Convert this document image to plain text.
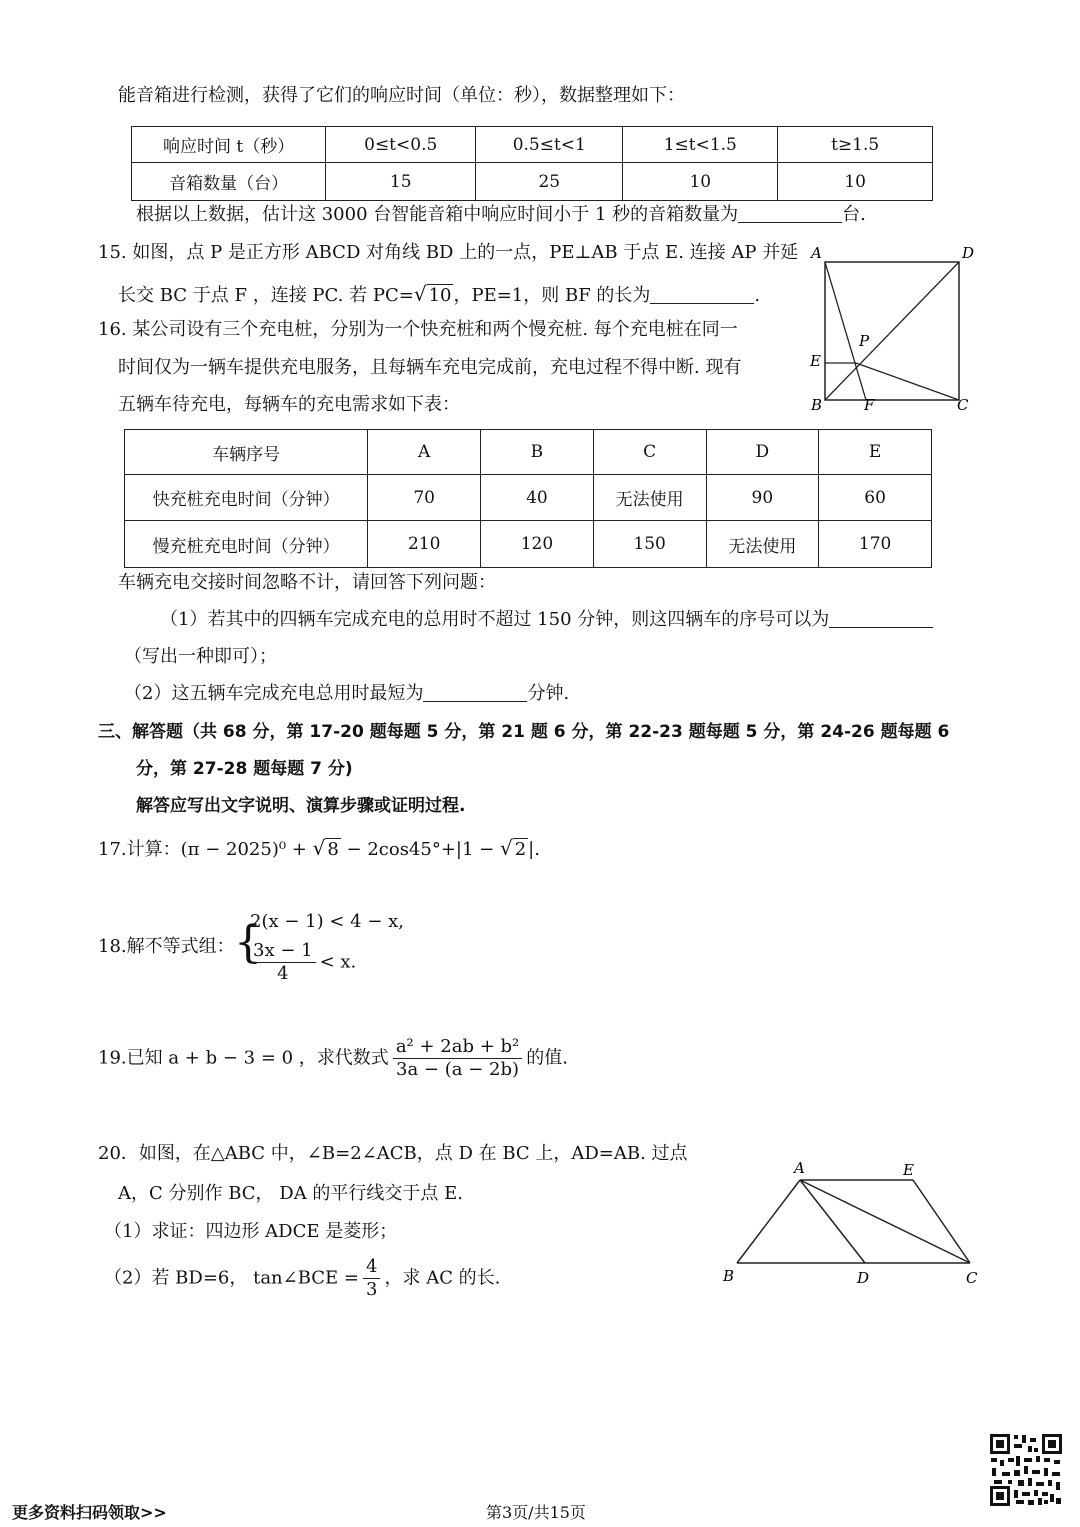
能音箱进行检测，获得了它们的响应时间（单位：秒），数据整理如下：
响应时间 t（秒）	0≤t<0.5	0.5≤t<1	1≤t<1.5	t≥1.5
音箱数量（台）	15	25	10	10
根据以上数据，估计这 3000 台智能音箱中响应时间小于 1 秒的音箱数量为	台.
15. 如图，点 P 是正方形 ABCD 对角线 BD 上的一点，PE⊥AB 于点 E. 连接 AP 并延
长交 BC 于点 F ，连接 PC. 若 PC=√ 10 ，PE=1，则 BF 的长为	.
A	D
P
E
B	F	C
16. 某公司设有三个充电桩，分别为一个快充桩和两个慢充桩. 每个充电桩在同一
时间仅为一辆车提供充电服务，且每辆车充电完成前，充电过程不得中断. 现有
五辆车待充电，每辆车的充电需求如下表：
车辆序号	A	B	C	D	E
快充桩充电时间（分钟）	70	40	无法使用	90	60
慢充桩充电时间（分钟）	210	120	150	无法使用	170
车辆充电交接时间忽略不计，请回答下列问题：
（1）若其中的四辆车完成充电的总用时不超过 150 分钟，则这四辆车的序号可以为
（写出一种即可）；
（2）这五辆车完成充电总用时最短为	分钟.
三、解答题（共 68 分，第 17-20 题每题 5 分，第 21 题 6 分，第 22-23 题每题 5 分，第 24-26 题每题 6
分，第 27-28 题每题 7 分)
解答应写出文字说明、演算步骤或证明过程.
17.计算：(π − 2025)⁰ + √ 8 − 2cos45°+|1 − √ 2 |.
18.解不等式组： {
2(x − 1) < 4 − x,
$\frac{3x - 1}{4} < x$.
19.已知 a + b − 3 = 0 ，求代数式 $\frac{\text{a² + 2ab + b²}}{3a - (a - 2b)}$ 的值.
20．如图，在△ABC 中，∠B=2∠ACB，点 D 在 BC 上，AD=AB. 过点
A，C 分别作 BC， DA 的平行线交于点 E.
（1）求证：四边形 ADCE 是菱形；
（2）若 BD=6， tan∠BCE = $\frac{4}{3}$ ，求 AC 的长.
A	E
B	D	C
更多资料扫码领取>>	第3页/共15页
